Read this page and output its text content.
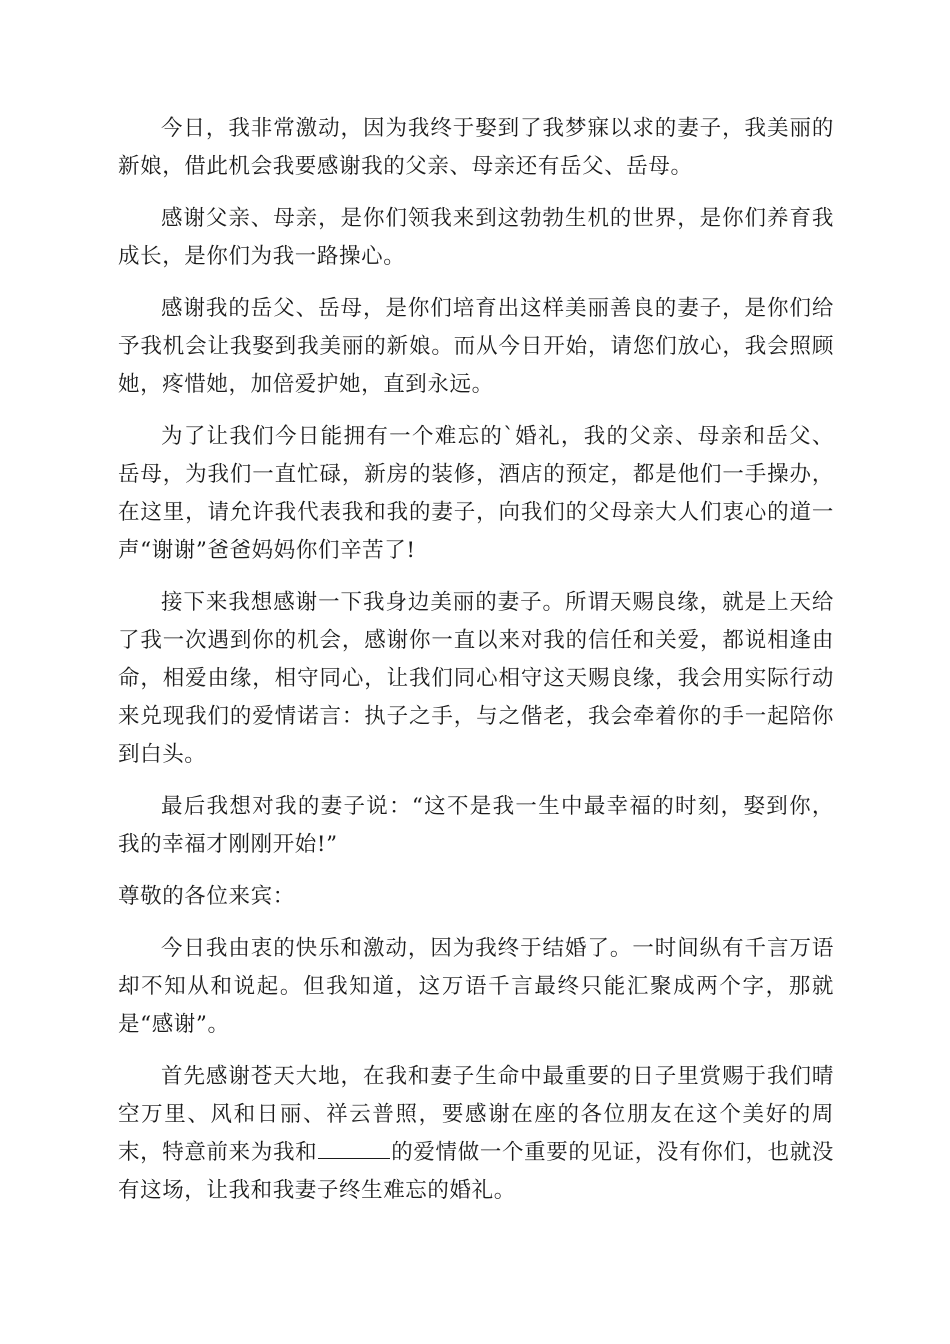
今日，我非常激动，因为我终于娶到了我梦寐以求的妻子，我美丽的新娘，借此机会我要感谢我的父亲、母亲还有岳父、岳母。

感谢父亲、母亲，是你们领我来到这勃勃生机的世界，是你们养育我成长，是你们为我一路操心。

感谢我的岳父、岳母，是你们培育出这样美丽善良的妻子，是你们给予我机会让我娶到我美丽的新娘。而从今日开始，请您们放心，我会照顾她，疼惜她，加倍爱护她，直到永远。

为了让我们今日能拥有一个难忘的`婚礼，我的父亲、母亲和岳父、岳母，为我们一直忙碌，新房的装修，酒店的预定，都是他们一手操办，在这里，请允许我代表我和我的妻子，向我们的父母亲大人们衷心的道一声“谢谢”爸爸妈妈你们辛苦了!

接下来我想感谢一下我身边美丽的妻子。所谓天赐良缘，就是上天给了我一次遇到你的机会，感谢你一直以来对我的信任和关爱，都说相逢由命，相爱由缘，相守同心，让我们同心相守这天赐良缘，我会用实际行动来兑现我们的爱情诺言：执子之手，与之偕老，我会牵着你的手一起陪你到白头。

最后我想对我的妻子说：“这不是我一生中最幸福的时刻，娶到你，我的幸福才刚刚开始!”

尊敬的各位来宾：

今日我由衷的快乐和激动，因为我终于结婚了。一时间纵有千言万语却不知从和说起。但我知道，这万语千言最终只能汇聚成两个字，那就是“感谢”。

首先感谢苍天大地，在我和妻子生命中最重要的日子里赏赐于我们晴空万里、风和日丽、祥云普照，要感谢在座的各位朋友在这个美好的周末，特意前来为我和	的爱情做一个重要的见证，没有你们，也就没有这场，让我和我妻子终生难忘的婚礼。
